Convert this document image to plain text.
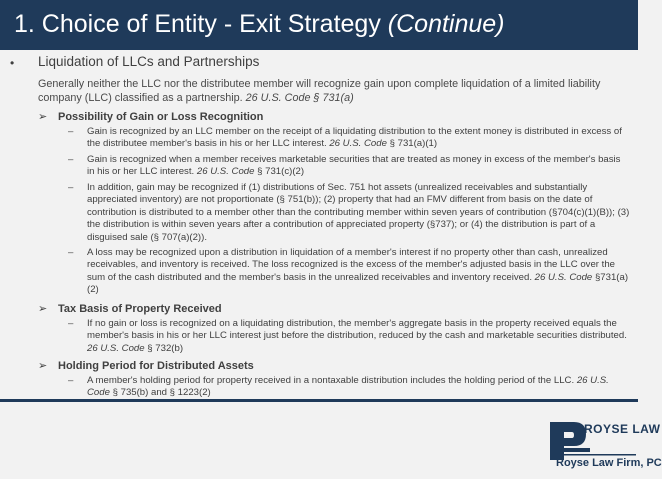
1. Choice of Entity - Exit Strategy (Continue)
• Liquidation of LLCs and Partnerships
Generally neither the LLC nor the distributee member will recognize gain upon complete liquidation of a limited liability company (LLC) classified as a partnership. 26 U.S. Code § 731(a)
➢ Possibility of Gain or Loss Recognition
–	Gain is recognized by an LLC member on the receipt of a liquidating distribution to the extent money is distributed in excess of the distributee member's basis in his or her LLC interest. 26 U.S. Code § 731(a)(1)
–	Gain is recognized when a member receives marketable securities that are treated as money in excess of the member's basis in his or her LLC interest. 26 U.S. Code § 731(c)(2)
–	In addition, gain may be recognized if (1) distributions of Sec. 751 hot assets (unrealized receivables and substantially appreciated inventory) are not proportionate (§ 751(b)); (2) property that had an FMV different from basis on the date of contribution is distributed to a member other than the contributing member within seven years of contribution (§704(c)(1)(B)); (3) the distribution is within seven years after a contribution of appreciated property (§737); or (4) the distribution is part of a disguised sale (§ 707(a)(2)).
–	A loss may be recognized upon a distribution in liquidation of a member's interest if no property other than cash, unrealized receivables, and inventory is received. The loss recognized is the excess of the member's adjusted basis in the LLC over the sum of the cash distributed and the member's basis in the unrealized receivables and inventory received. 26 U.S. Code §731(a)(2)
➢ Tax Basis of Property Received
–	If no gain or loss is recognized on a liquidating distribution, the member's aggregate basis in the property received equals the member's basis in his or her LLC interest just before the distribution, reduced by the cash and marketable securities distributed. 26 U.S. Code § 732(b)
➢ Holding Period for Distributed Assets
–	A member's holding period for property received in a nontaxable distribution includes the holding period of the LLC. 26 U.S. Code § 735(b) and § 1223(2)
ROYSE LAW
Royse Law Firm, PC
